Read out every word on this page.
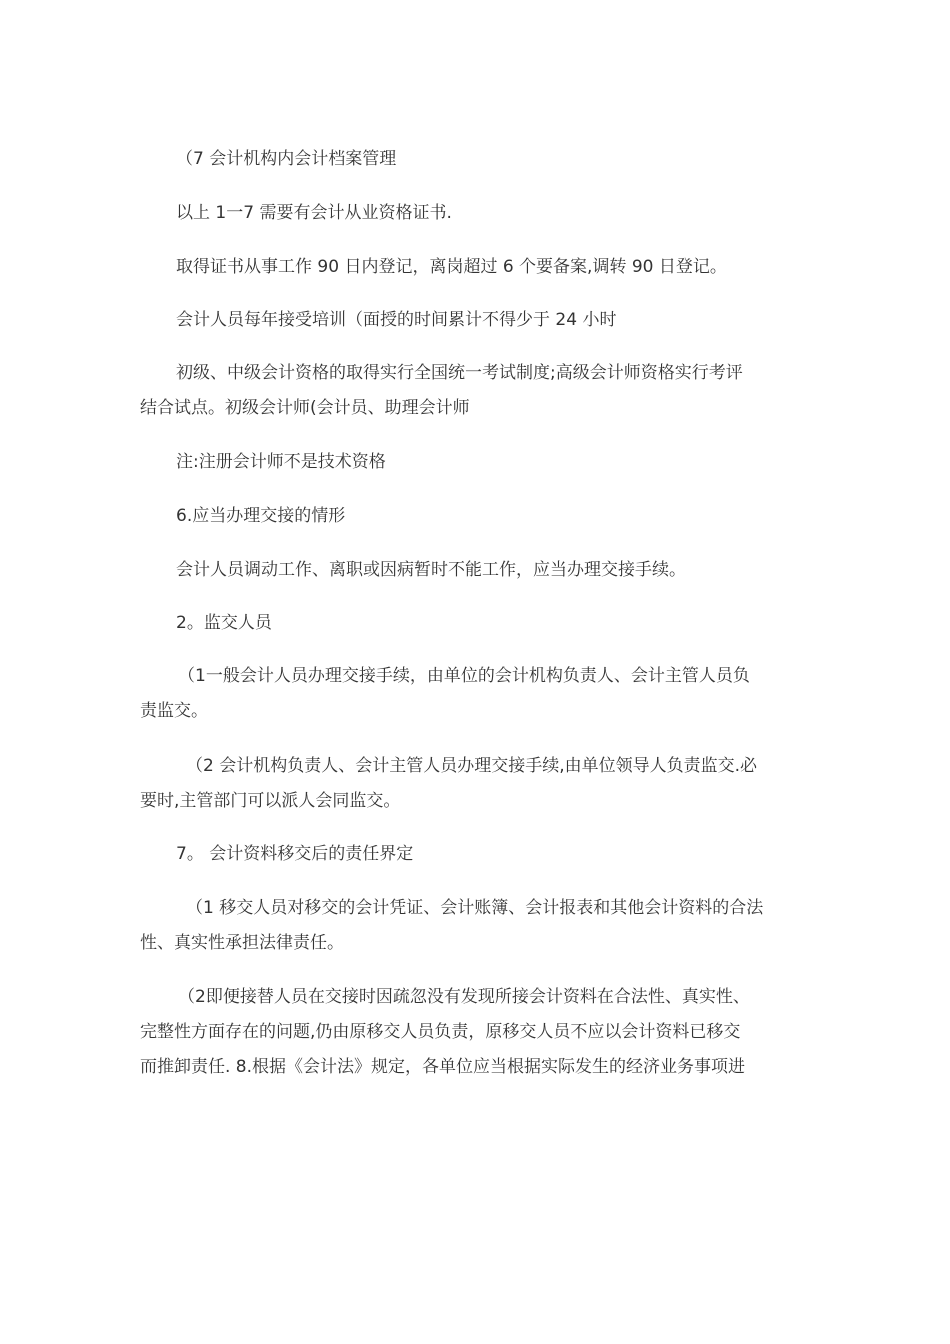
（7 会计机构内会计档案管理
以上 1一7 需要有会计从业资格证书.
取得证书从事工作 90 日内登记，离岗超过 6 个要备案,调转 90 日登记。
会计人员每年接受培训（面授的时间累计不得少于 24 小时
初级、中级会计资格的取得实行全国统一考试制度;高级会计师资格实行考评
结合试点。初级会计师(会计员、助理会计师
注:注册会计师不是技术资格
6.应当办理交接的情形
会计人员调动工作、离职或因病暂时不能工作，应当办理交接手续。
2。监交人员
（1一般会计人员办理交接手续，由单位的会计机构负责人、会计主管人员负
责监交。
（2 会计机构负责人、会计主管人员办理交接手续,由单位领导人负责监交.必
要时,主管部门可以派人会同监交。
7。 会计资料移交后的责任界定
（1 移交人员对移交的会计凭证、会计账簿、会计报表和其他会计资料的合法
性、真实性承担法律责任。
（2即便接替人员在交接时因疏忽没有发现所接会计资料在合法性、真实性、
完整性方面存在的问题,仍由原移交人员负责，原移交人员不应以会计资料已移交
而推卸责任. 8.根据《会计法》规定，各单位应当根据实际发生的经济业务事项进
